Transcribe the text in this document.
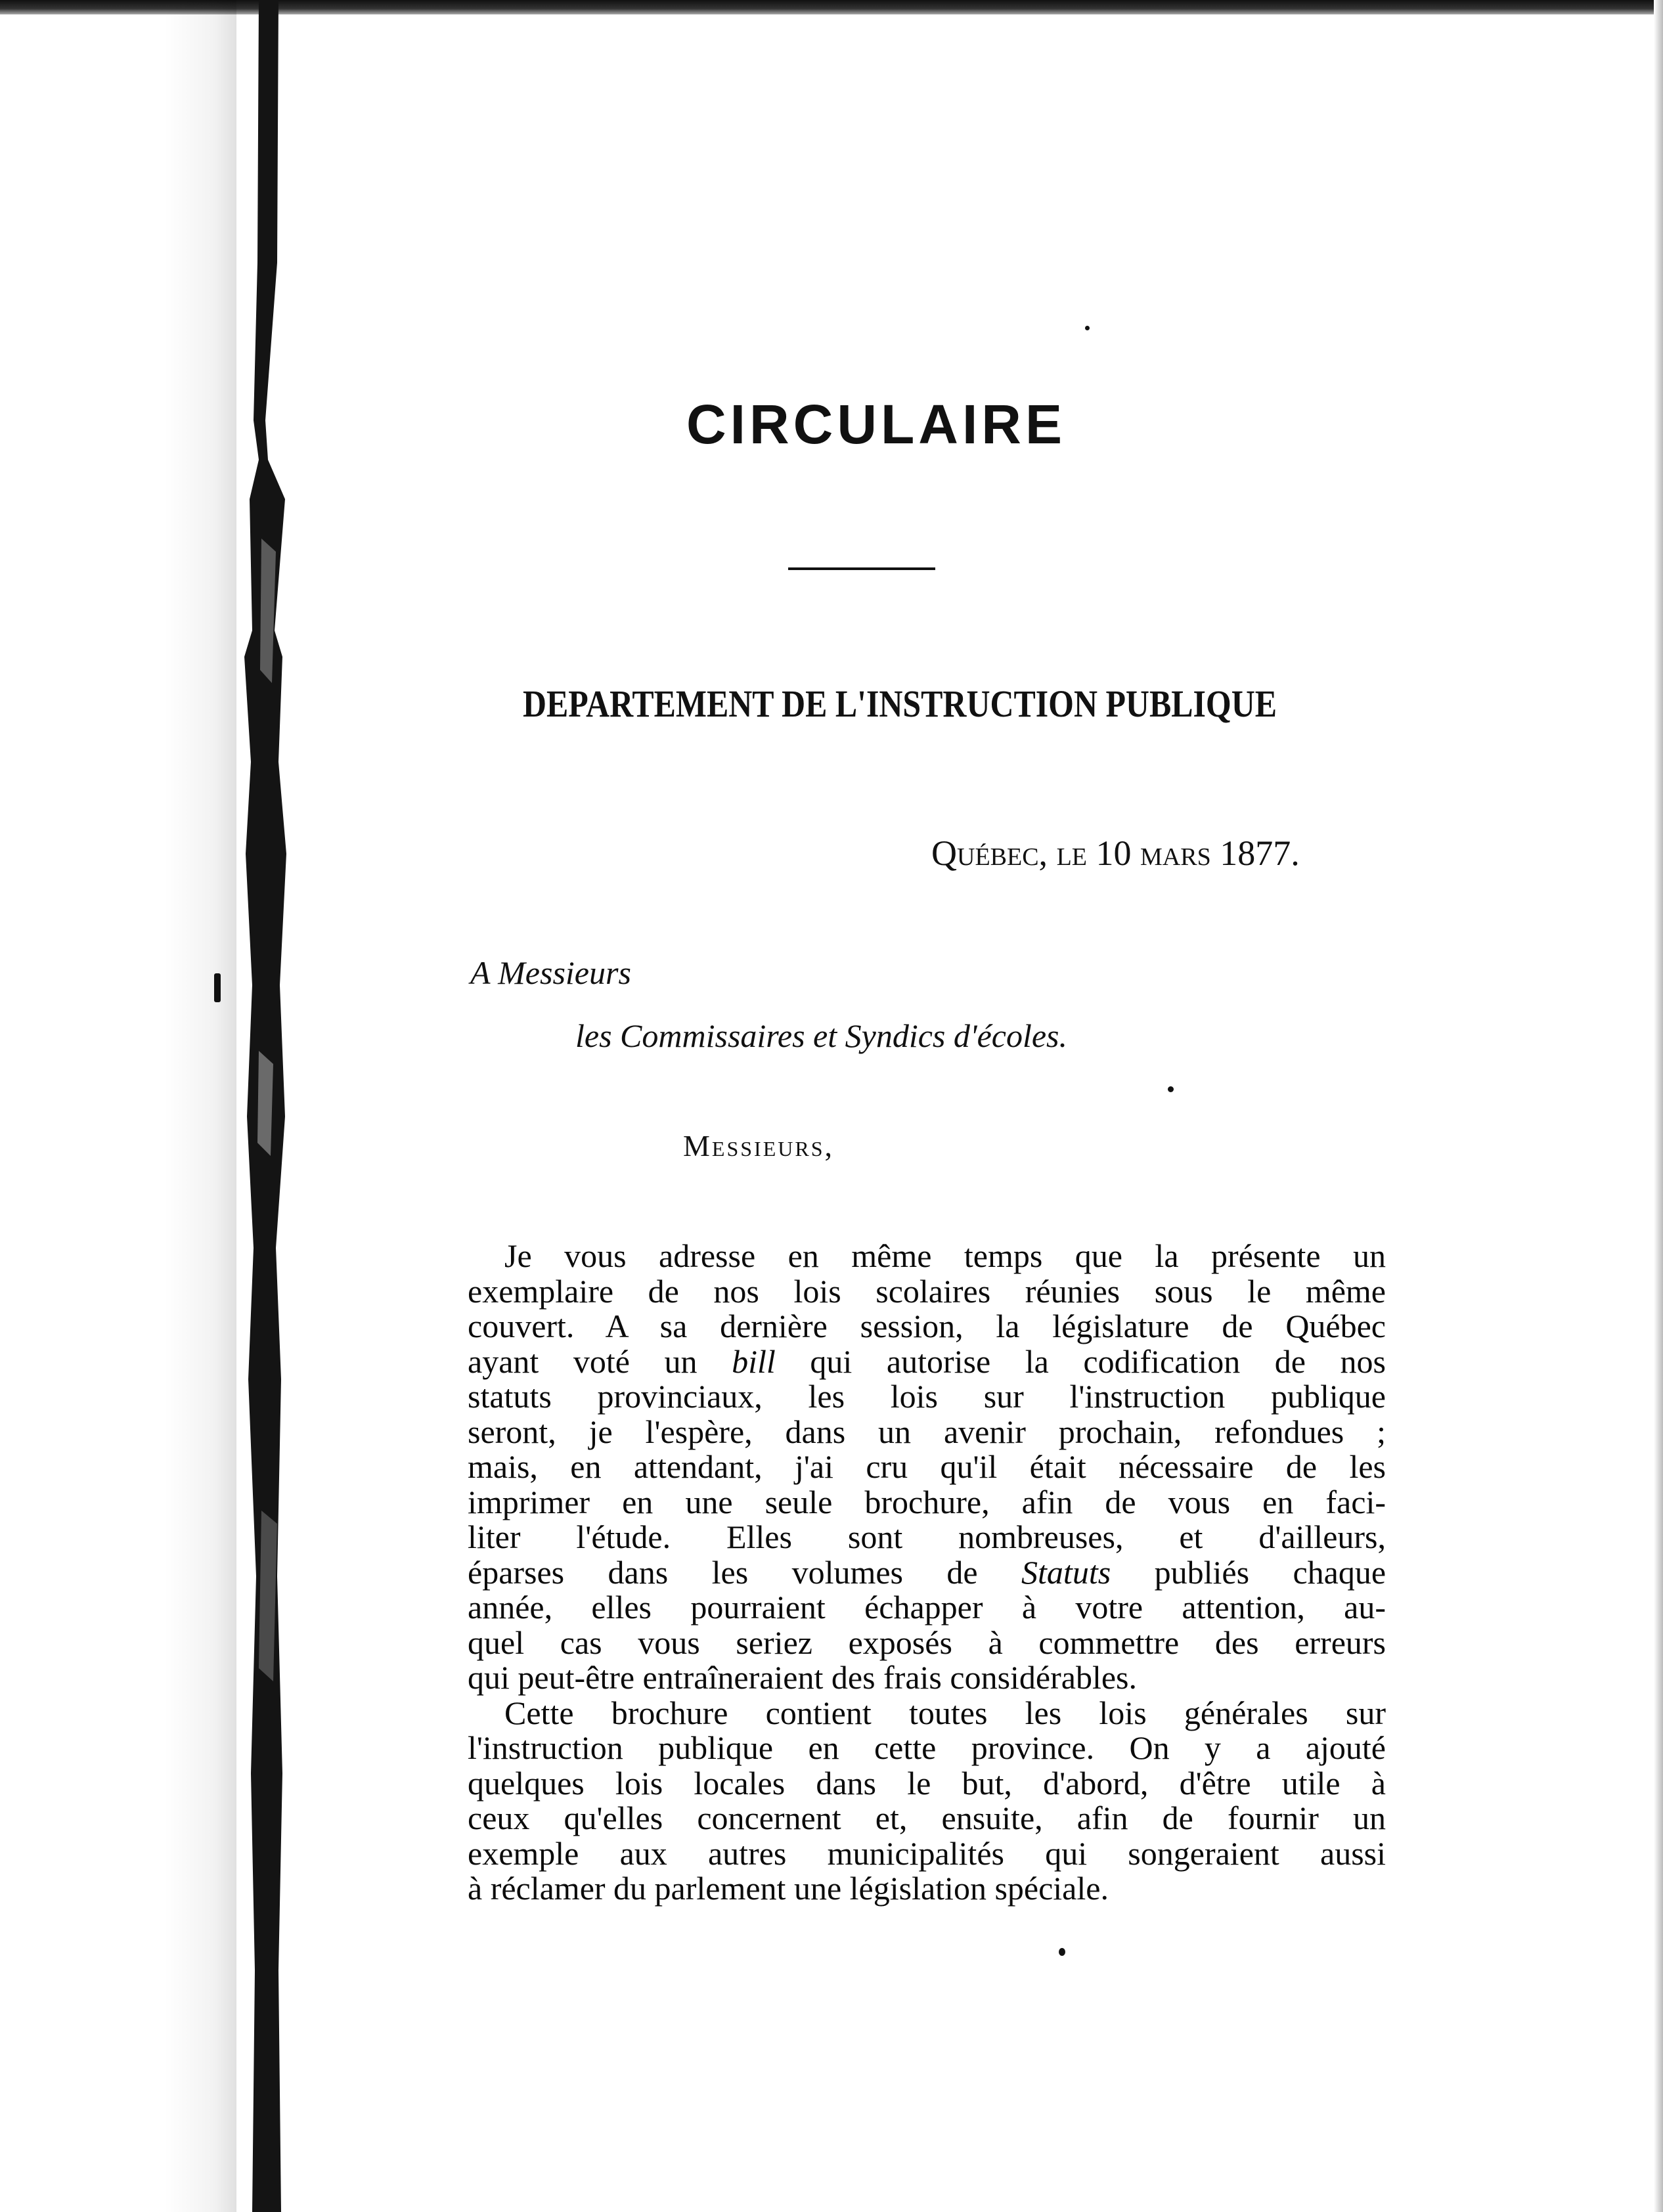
CIRCULAIRE
DEPARTEMENT DE L'INSTRUCTION PUBLIQUE
Québec, le 10 mars 1877.
A Messieurs
les Commissaires et Syndics d'écoles.
Messieurs,
Je vous adresse en même temps que la présente un
exemplaire de nos lois scolaires réunies sous le même
couvert. A sa dernière session, la législature de Québec
ayant voté un bill qui autorise la codification de nos
statuts provinciaux, les lois sur l'instruction publique
seront, je l'espère, dans un avenir prochain, refondues ;
mais, en attendant, j'ai cru qu'il était nécessaire de les
imprimer en une seule brochure, afin de vous en faci-
liter l'étude. Elles sont nombreuses, et d'ailleurs,
éparses dans les volumes de Statuts publiés chaque
année, elles pourraient échapper à votre attention, au-
quel cas vous seriez exposés à commettre des erreurs
qui peut-être entraîneraient des frais considérables.
Cette brochure contient toutes les lois générales sur
l'instruction publique en cette province. On y a ajouté
quelques lois locales dans le but, d'abord, d'être utile à
ceux qu'elles concernent et, ensuite, afin de fournir un
exemple aux autres municipalités qui songeraient aussi
à réclamer du parlement une législation spéciale.
